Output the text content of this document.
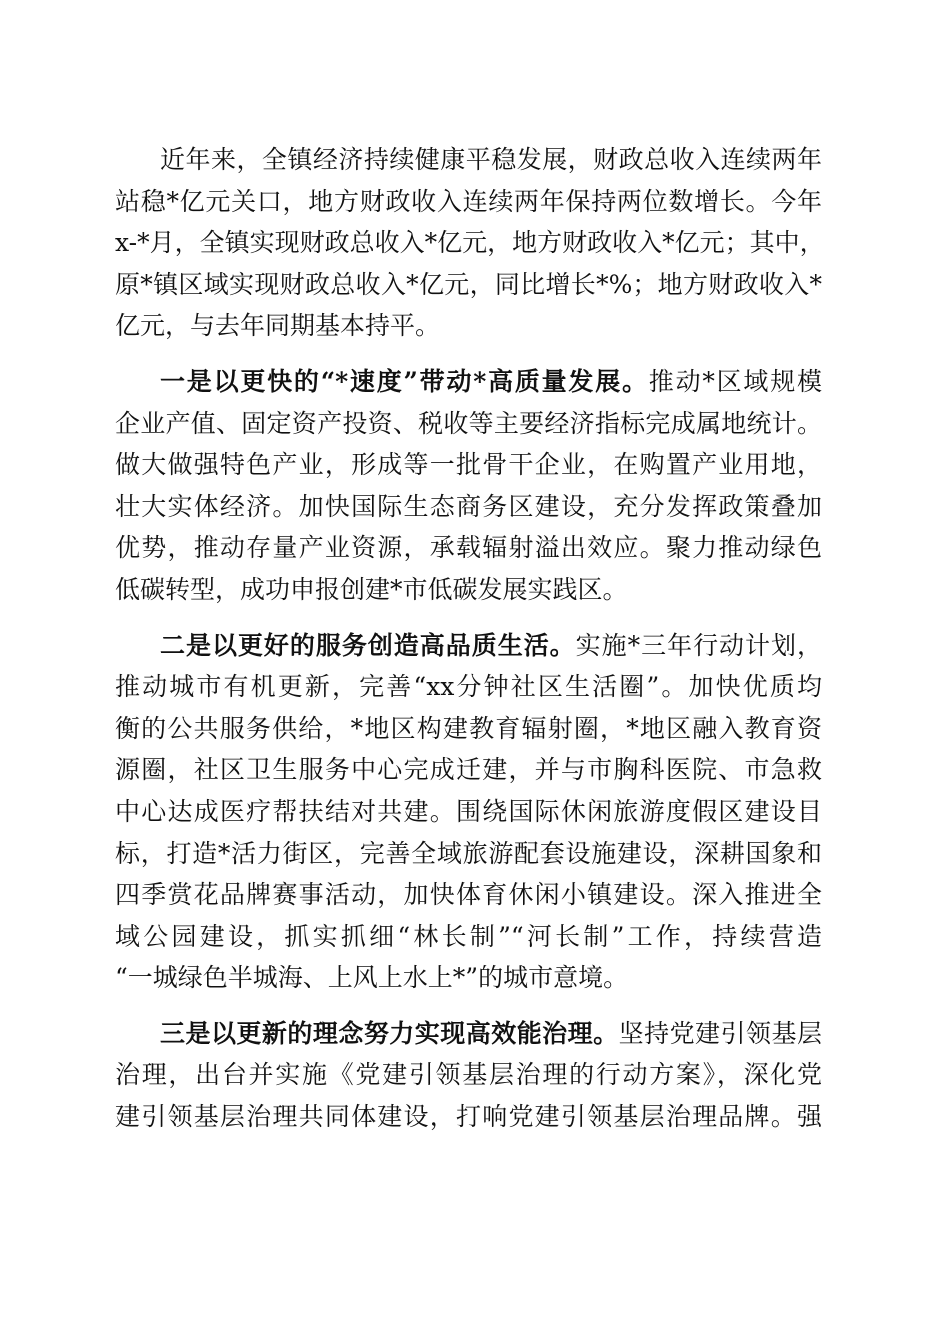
近年来，全镇经济持续健康平稳发展，财政总收入连续两年
站稳*亿元关口，地方财政收入连续两年保持两位数增长。今年
x-*月，全镇实现财政总收入*亿元，地方财政收入*亿元；其中，
原*镇区域实现财政总收入*亿元，同比增长*%；地方财政收入*
亿元，与去年同期基本持平。
一是以更快的“*速度”带动*高质量发展。推动*区域规模
企业产值、固定资产投资、税收等主要经济指标完成属地统计。
做大做强特色产业，形成等一批骨干企业，在购置产业用地，
壮大实体经济。加快国际生态商务区建设，充分发挥政策叠加
优势，推动存量产业资源，承载辐射溢出效应。聚力推动绿色
低碳转型，成功申报创建*市低碳发展实践区。
二是以更好的服务创造高品质生活。实施*三年行动计划，
推动城市有机更新，完善“xx分钟社区生活圈”。加快优质均
衡的公共服务供给，*地区构建教育辐射圈，*地区融入教育资
源圈，社区卫生服务中心完成迁建，并与市胸科医院、市急救
中心达成医疗帮扶结对共建。围绕国际休闲旅游度假区建设目
标，打造*活力街区，完善全域旅游配套设施建设，深耕国象和
四季赏花品牌赛事活动，加快体育休闲小镇建设。深入推进全
域公园建设，抓实抓细“林长制”“河长制”工作，持续营造
“一城绿色半城海、上风上水上*”的城市意境。
三是以更新的理念努力实现高效能治理。坚持党建引领基层
治理，出台并实施《党建引领基层治理的行动方案》，深化党
建引领基层治理共同体建设，打响党建引领基层治理品牌。强
